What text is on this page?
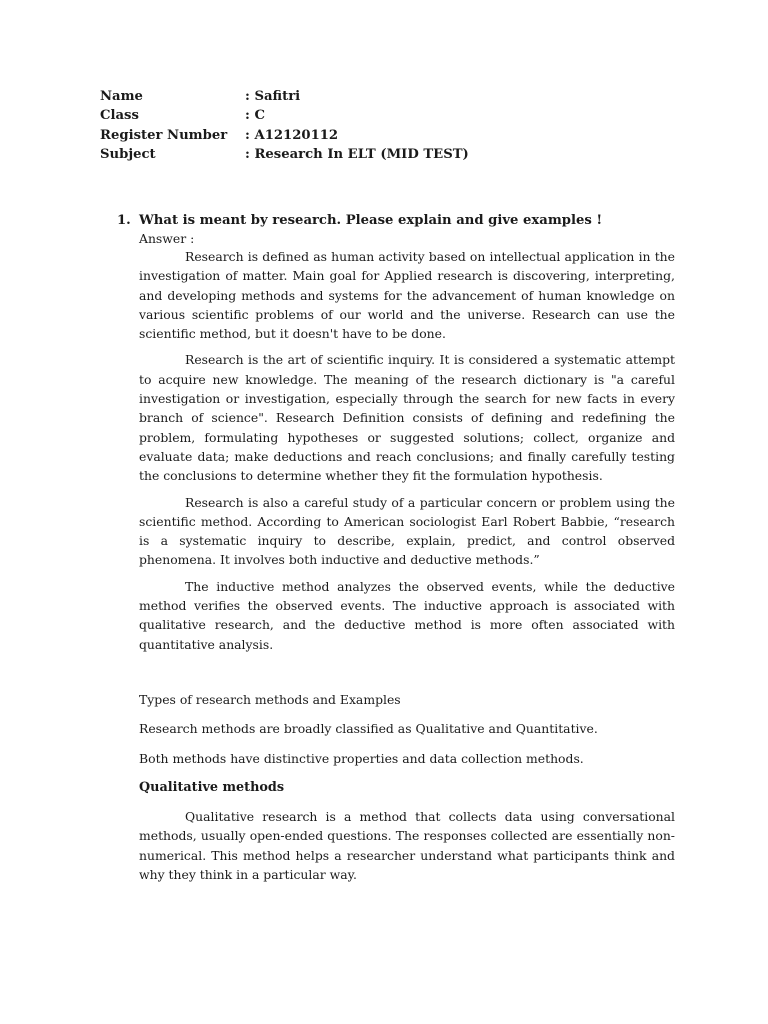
Name	: Safitri
Class	: C
Register Number	: A12120112
Subject	: Research In ELT (MID TEST)
1. What is meant by research. Please explain and give examples !

Answer :

Research is defined as human activity based on intellectual application in the investigation of matter. Main goal for Applied research is discovering, interpreting, and developing methods and systems for the advancement of human knowledge on various scientific problems of our world and the universe. Research can use the scientific method, but it doesn't have to be done.

Research is the art of scientific inquiry. It is considered a systematic attempt to acquire new knowledge. The meaning of the research dictionary is "a careful investigation or investigation, especially through the search for new facts in every branch of science". Research Definition consists of defining and redefining the problem, formulating hypotheses or suggested solutions; collect, organize and evaluate data; make deductions and reach conclusions; and finally carefully testing the conclusions to determine whether they fit the formulation hypothesis.

Research is also a careful study of a particular concern or problem using the scientific method. According to American sociologist Earl Robert Babbie, “research is a systematic inquiry to describe, explain, predict, and control observed phenomena. It involves both inductive and deductive methods.”

The inductive method analyzes the observed events, while the deductive method verifies the observed events. The inductive approach is associated with qualitative research, and the deductive method is more often associated with quantitative analysis.

Types of research methods and Examples

Research methods are broadly classified as Qualitative and Quantitative.

Both methods have distinctive properties and data collection methods.

Qualitative methods

Qualitative research is a method that collects data using conversational methods, usually open-ended questions. The responses collected are essentially non-numerical. This method helps a researcher understand what participants think and why they think in a particular way.
